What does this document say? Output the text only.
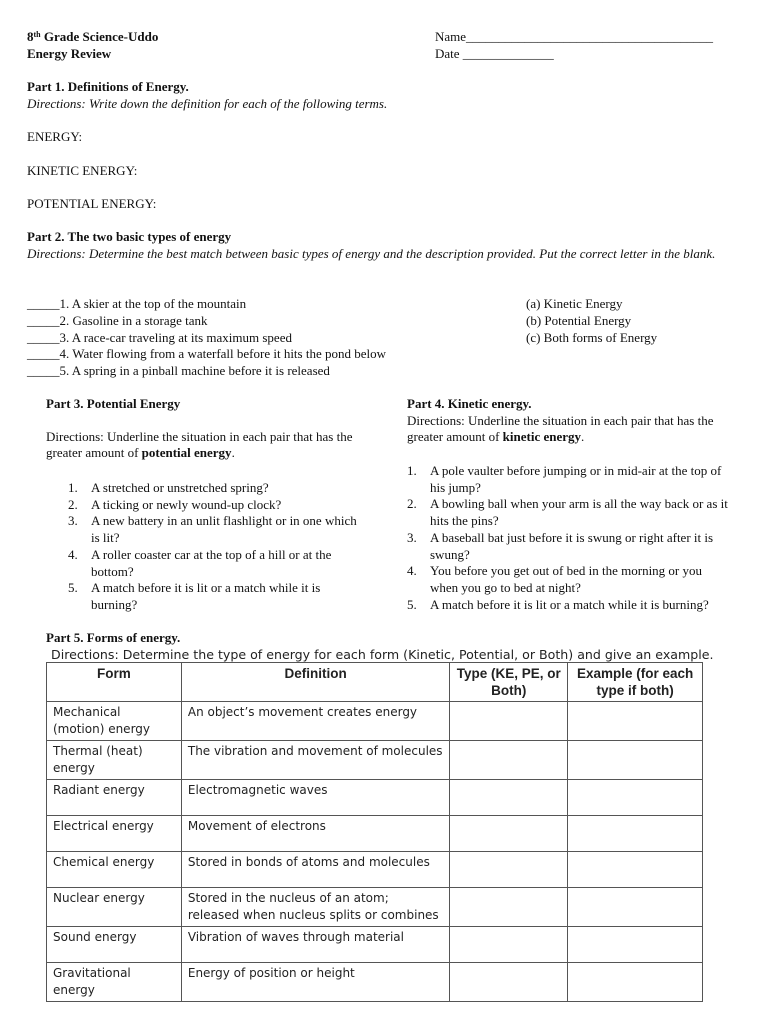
8th Grade Science-Uddo
Energy Review
Name______________________________________
Date ______________
Part 1. Definitions of Energy.
Directions: Write down the definition for each of the following terms.
ENERGY:
KINETIC ENERGY:
POTENTIAL ENERGY:
Part 2. The two basic types of energy
Directions: Determine the best match between basic types of energy and the description provided. Put the correct letter in the blank.
_____1. A skier at the top of the mountain
_____2. Gasoline in a storage tank
_____3. A race-car traveling at its maximum speed
_____4. Water flowing from a waterfall before it hits the pond below
_____5. A spring in a pinball machine before it is released
(a) Kinetic Energy
(b) Potential Energy
(c) Both forms of Energy
Part 3. Potential Energy
Directions: Underline the situation in each pair that has the greater amount of potential energy.
1. A stretched or unstretched spring?
2. A ticking or newly wound-up clock?
3. A new battery in an unlit flashlight or in one which is lit?
4. A roller coaster car at the top of a hill or at the bottom?
5. A match before it is lit or a match while it is burning?
Part 4. Kinetic energy.
Directions: Underline the situation in each pair that has the greater amount of kinetic energy.
1. A pole vaulter before jumping or in mid-air at the top of his jump?
2. A bowling ball when your arm is all the way back or as it hits the pins?
3. A baseball bat just before it is swung or right after it is swung?
4. You before you get out of bed in the morning or you when you go to bed at night?
5. A match before it is lit or a match while it is burning?
Part 5. Forms of energy.
Directions: Determine the type of energy for each form (Kinetic, Potential, or Both) and give an example.
Form	Definition	Type (KE, PE, or Both)	Example (for each type if both)
Mechanical (motion) energy	An object’s movement creates energy		
Thermal (heat) energy	The vibration and movement of molecules		
Radiant energy	Electromagnetic waves		
Electrical energy	Movement of electrons		
Chemical energy	Stored in bonds of atoms and molecules		
Nuclear energy	Stored in the nucleus of an atom; released when nucleus splits or combines		
Sound energy	Vibration of waves through material		
Gravitational energy	Energy of position or height		
